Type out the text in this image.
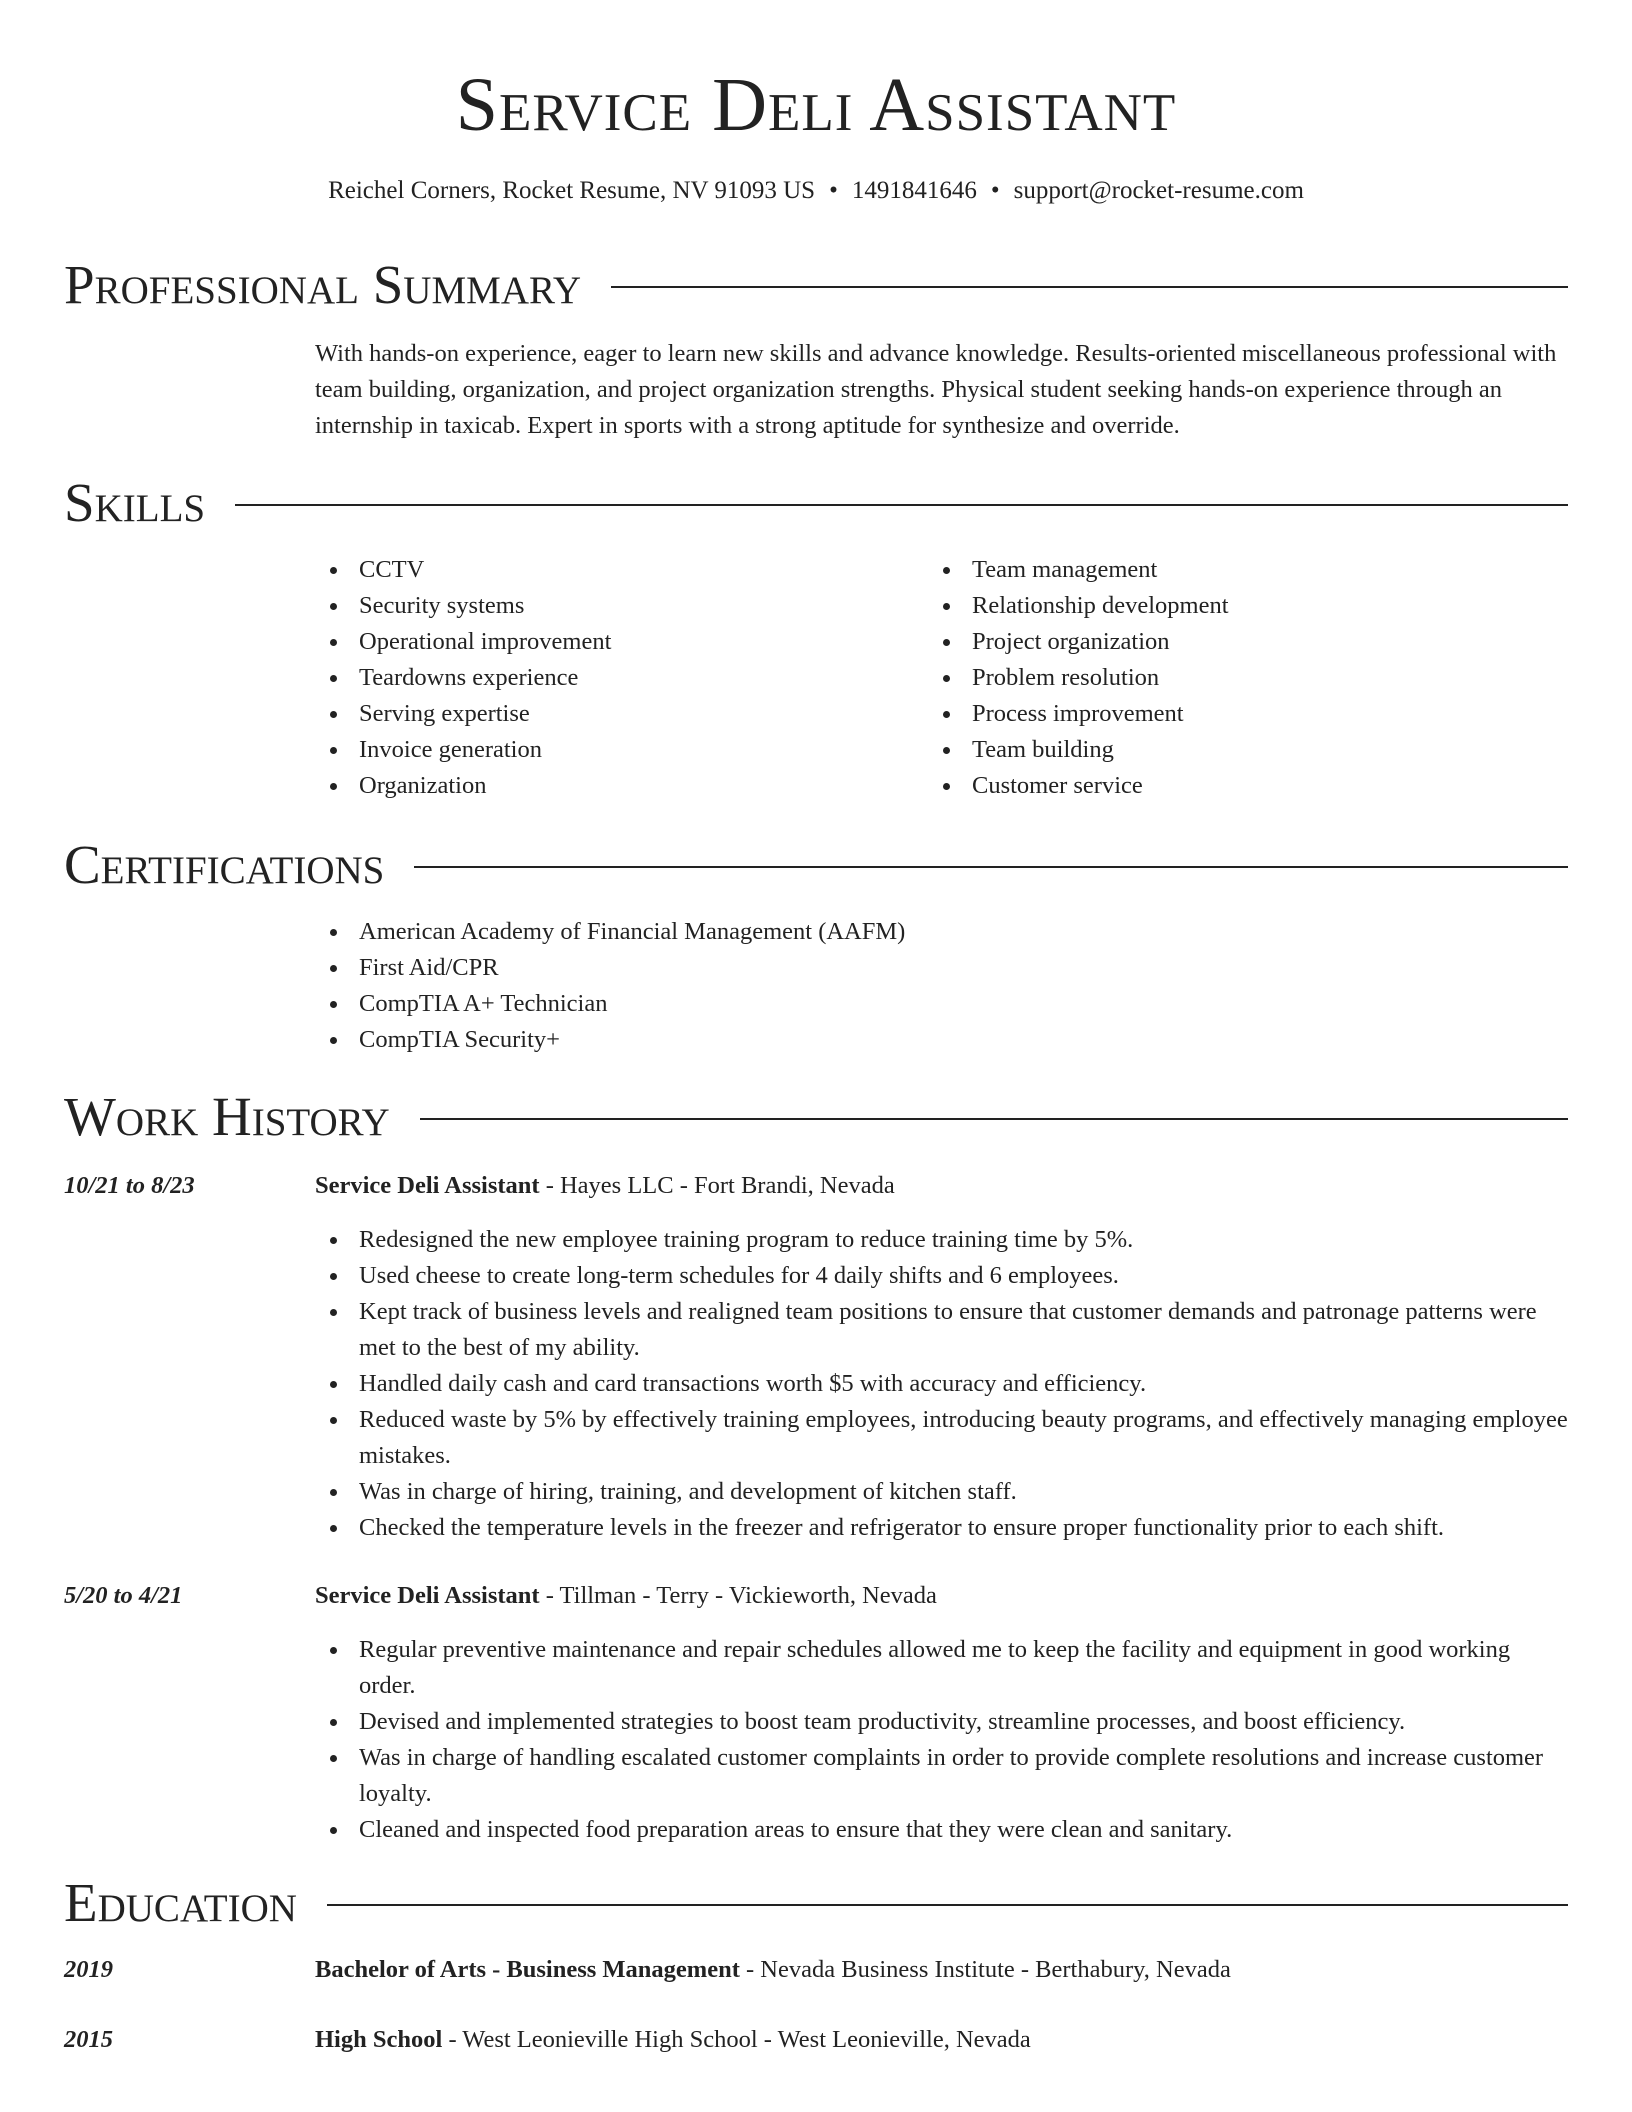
Service Deli Assistant
Reichel Corners, Rocket Resume, NV 91093 US • 1491841646 • support@rocket-resume.com
Professional Summary
With hands-on experience, eager to learn new skills and advance knowledge. Results-oriented miscellaneous professional with team building, organization, and project organization strengths. Physical student seeking hands-on experience through an internship in taxicab. Expert in sports with a strong aptitude for synthesize and override.
Skills
CCTV
Security systems
Operational improvement
Teardowns experience
Serving expertise
Invoice generation
Organization
Team management
Relationship development
Project organization
Problem resolution
Process improvement
Team building
Customer service
Certifications
American Academy of Financial Management (AAFM)
First Aid/CPR
CompTIA A+ Technician
CompTIA Security+
Work History
10/21 to 8/23	Service Deli Assistant - Hayes LLC - Fort Brandi, Nevada
Redesigned the new employee training program to reduce training time by 5%.
Used cheese to create long-term schedules for 4 daily shifts and 6 employees.
Kept track of business levels and realigned team positions to ensure that customer demands and patronage patterns were met to the best of my ability.
Handled daily cash and card transactions worth $5 with accuracy and efficiency.
Reduced waste by 5% by effectively training employees, introducing beauty programs, and effectively managing employee mistakes.
Was in charge of hiring, training, and development of kitchen staff.
Checked the temperature levels in the freezer and refrigerator to ensure proper functionality prior to each shift.
5/20 to 4/21	Service Deli Assistant - Tillman - Terry - Vickieworth, Nevada
Regular preventive maintenance and repair schedules allowed me to keep the facility and equipment in good working order.
Devised and implemented strategies to boost team productivity, streamline processes, and boost efficiency.
Was in charge of handling escalated customer complaints in order to provide complete resolutions and increase customer loyalty.
Cleaned and inspected food preparation areas to ensure that they were clean and sanitary.
Education
2019	Bachelor of Arts - Business Management - Nevada Business Institute - Berthabury, Nevada
2015	High School - West Leonieville High School - West Leonieville, Nevada
